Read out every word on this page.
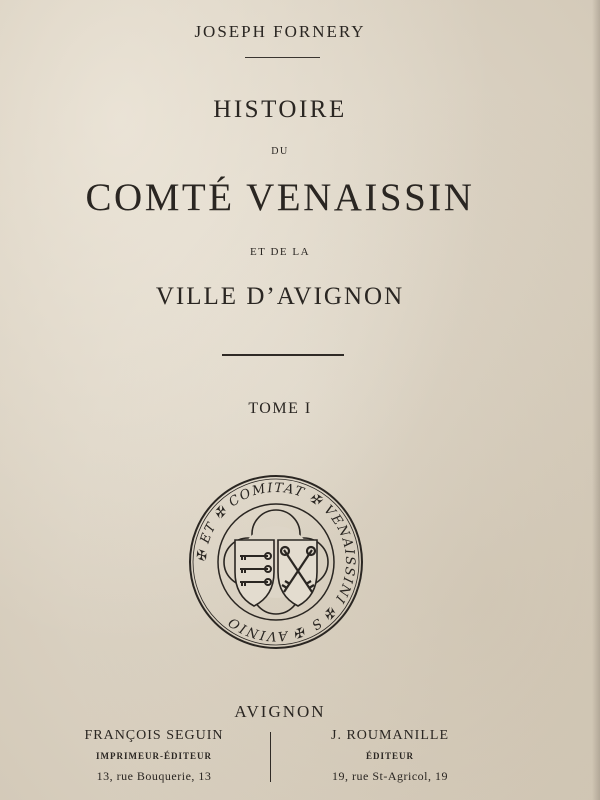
JOSEPH FORNERY
HISTOIRE
DU
COMTÉ VENAISSIN
ET DE LA
VILLE D’AVIGNON
TOME I
✠ ET ✠ COMITAT ✠ VENAISSINI ✠ S ✠ AVINIO
AVIGNON
FRANÇOIS SEGUIN
IMPRIMEUR-ÉDITEUR
13, rue Bouquerie, 13
J. ROUMANILLE
ÉDITEUR
19, rue St-Agricol, 19
